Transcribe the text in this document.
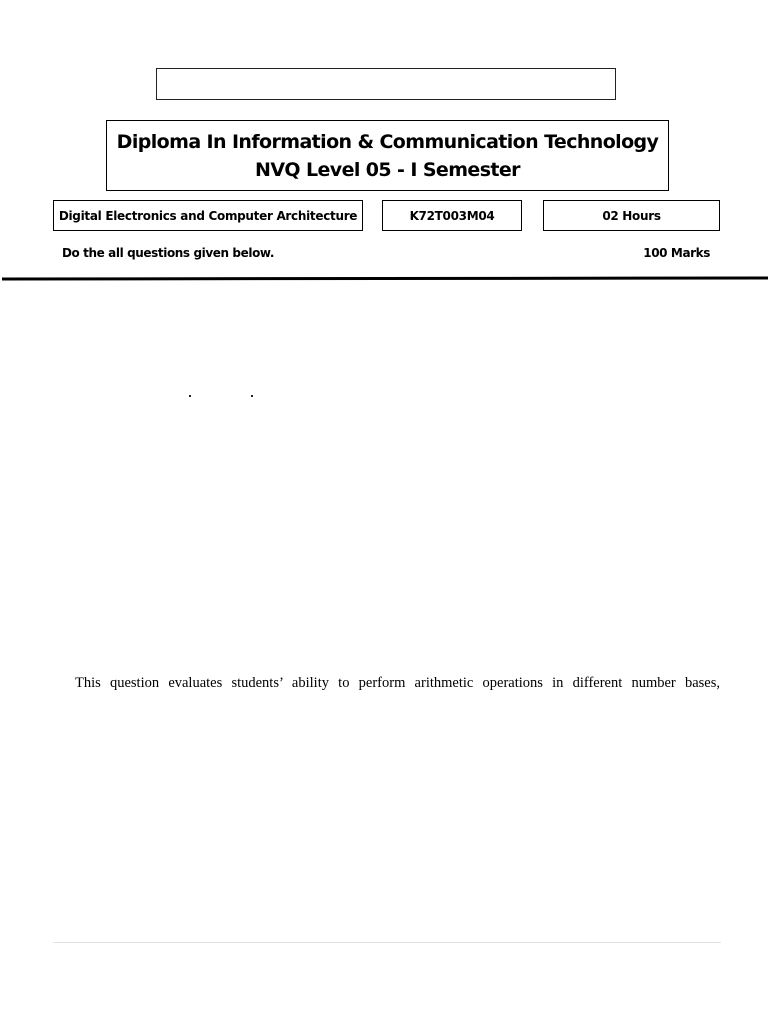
Diploma In Information & Communication Technology
NVQ Level 05 - I Semester
Digital Electronics and Computer Architecture	K72T003M04	02 Hours
Do the all questions given below.	100 Marks
This question evaluates students’ ability to perform arithmetic operations in different number bases,
